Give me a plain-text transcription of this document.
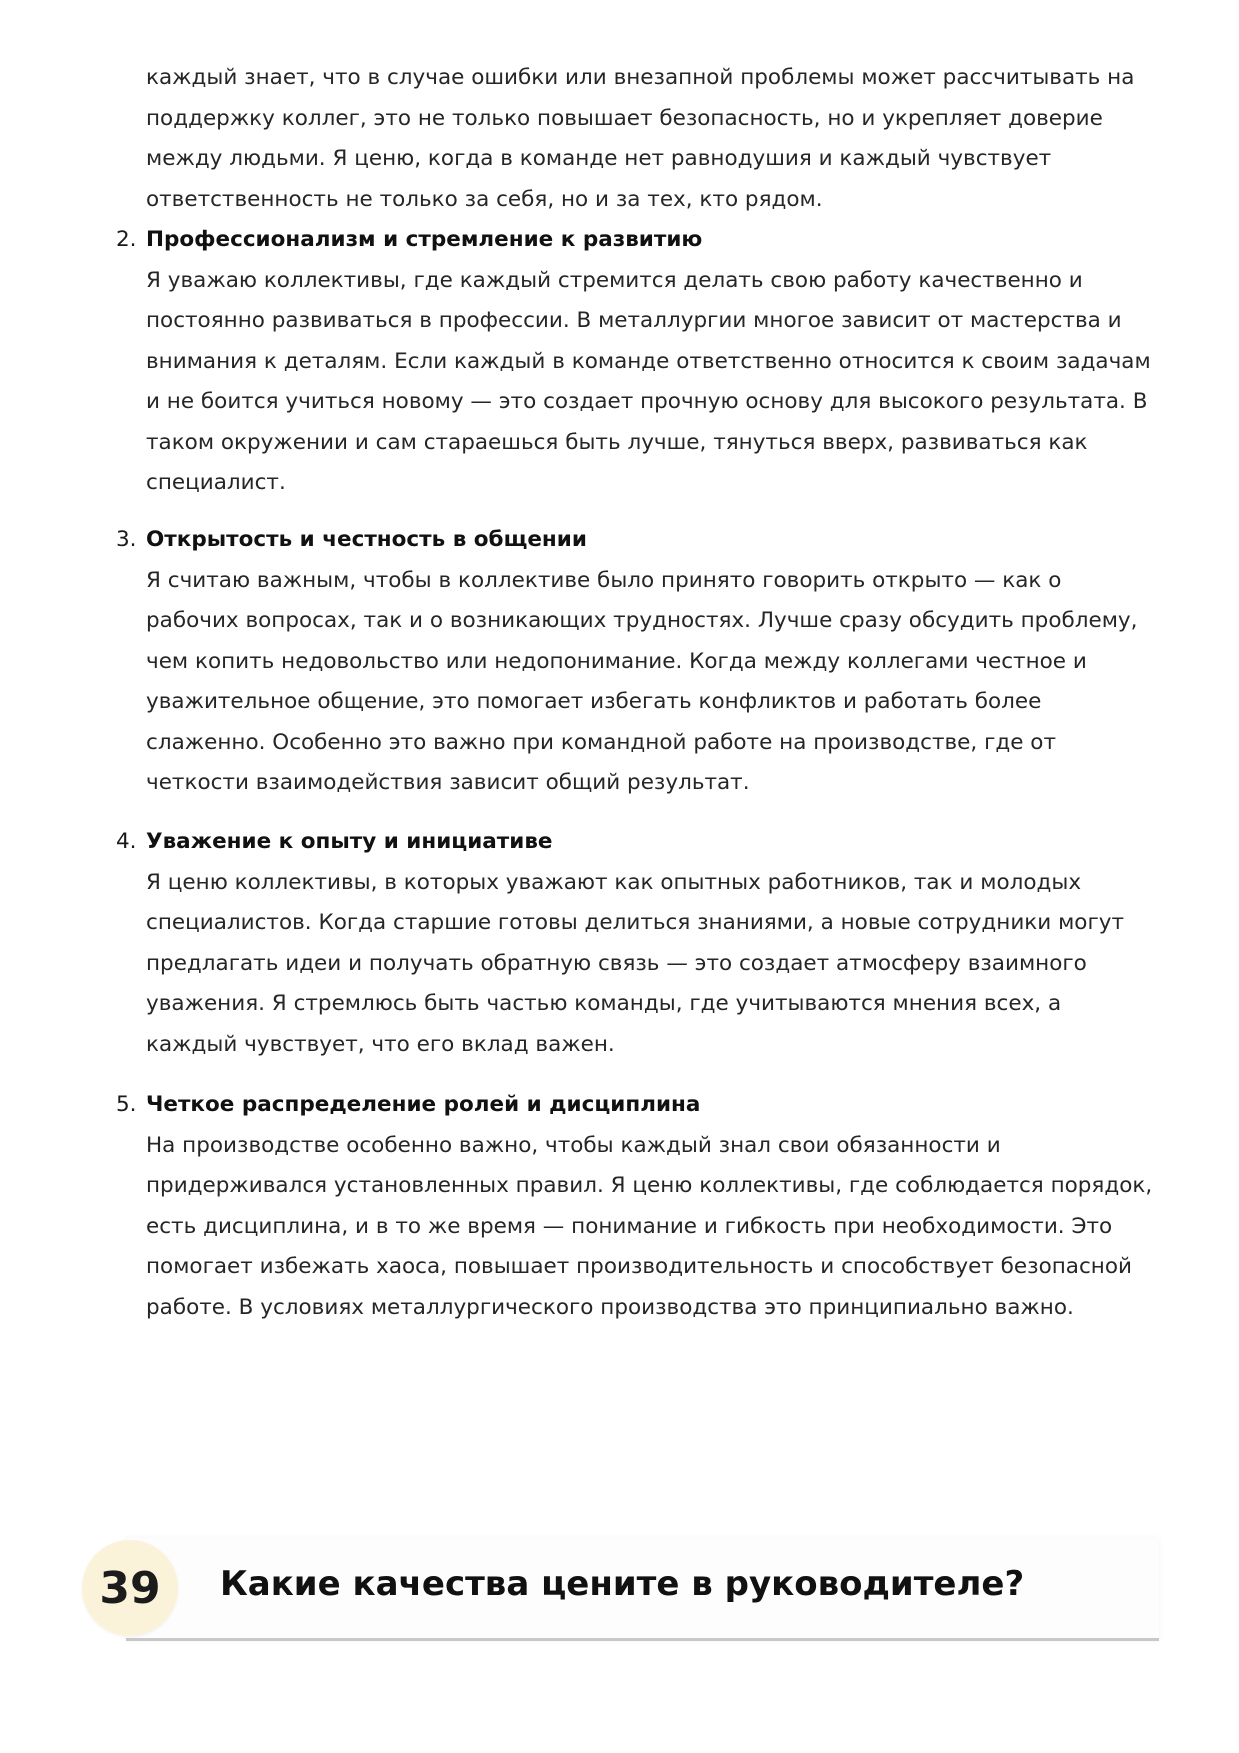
каждый знает, что в случае ошибки или внезапной проблемы может рассчитывать на поддержку коллег, это не только повышает безопасность, но и укрепляет доверие между людьми. Я ценю, когда в команде нет равнодушия и каждый чувствует ответственность не только за себя, но и за тех, кто рядом.

2. Профессионализм и стремление к развитию

Я уважаю коллективы, где каждый стремится делать свою работу качественно и постоянно развиваться в профессии. В металлургии многое зависит от мастерства и внимания к деталям. Если каждый в команде ответственно относится к своим задачам и не боится учиться новому — это создает прочную основу для высокого результата. В таком окружении и сам стараешься быть лучше, тянуться вверх, развиваться как специалист.

3. Открытость и честность в общении

Я считаю важным, чтобы в коллективе было принято говорить открыто — как о рабочих вопросах, так и о возникающих трудностях. Лучше сразу обсудить проблему, чем копить недовольство или недопонимание. Когда между коллегами честное и уважительное общение, это помогает избегать конфликтов и работать более слаженно. Особенно это важно при командной работе на производстве, где от четкости взаимодействия зависит общий результат.

4. Уважение к опыту и инициативе

Я ценю коллективы, в которых уважают как опытных работников, так и молодых специалистов. Когда старшие готовы делиться знаниями, а новые сотрудники могут предлагать идеи и получать обратную связь — это создает атмосферу взаимного уважения. Я стремлюсь быть частью команды, где учитываются мнения всех, а каждый чувствует, что его вклад важен.

5. Четкое распределение ролей и дисциплина

На производстве особенно важно, чтобы каждый знал свои обязанности и придерживался установленных правил. Я ценю коллективы, где соблюдается порядок, есть дисциплина, и в то же время — понимание и гибкость при необходимости. Это помогает избежать хаоса, повышает производительность и способствует безопасной работе. В условиях металлургического производства это принципиально важно.

39	Какие качества цените в руководителе?
